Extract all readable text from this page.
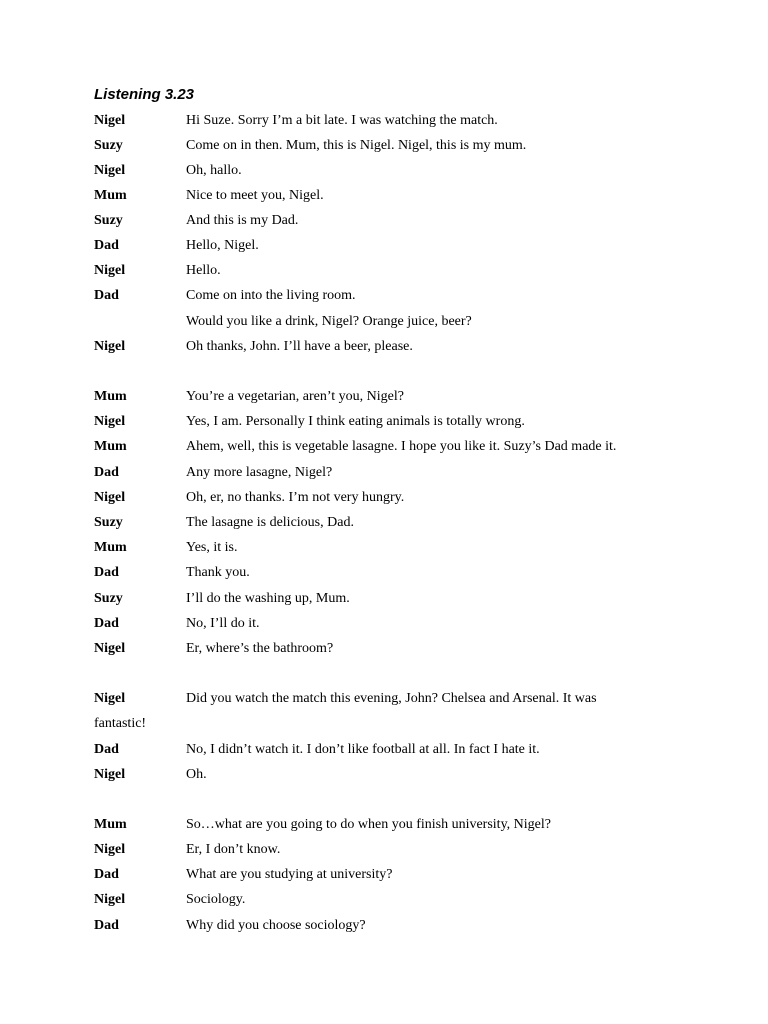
Listening 3.23
Nigel	Hi Suze. Sorry I’m a bit late. I was watching the match.
Suzy	Come on in then. Mum, this is Nigel. Nigel, this is my mum.
Nigel	Oh, hallo.
Mum	Nice to meet you, Nigel.
Suzy	And this is my Dad.
Dad	Hello, Nigel.
Nigel	Hello.
Dad	Come on into the living room.
Would you like a drink, Nigel? Orange juice, beer?
Nigel	Oh thanks, John. I’ll have a beer, please.
Mum	You’re a vegetarian, aren’t you, Nigel?
Nigel	Yes, I am. Personally I think eating animals is totally wrong.
Mum	Ahem, well, this is vegetable lasagne. I hope you like it. Suzy’s Dad made it.
Dad	Any more lasagne, Nigel?
Nigel	Oh, er, no thanks. I’m not very hungry.
Suzy	The lasagne is delicious, Dad.
Mum	Yes, it is.
Dad	Thank you.
Suzy	I’ll do the washing up, Mum.
Dad	No, I’ll do it.
Nigel	Er, where’s the bathroom?
Nigel	Did you watch the match this evening, John? Chelsea and Arsenal. It was
fantastic!
Dad	No, I didn’t watch it. I don’t like football at all. In fact I hate it.
Nigel	Oh.
Mum	So…what are you going to do when you finish university, Nigel?
Nigel	Er, I don’t know.
Dad	What are you studying at university?
Nigel	Sociology.
Dad	Why did you choose sociology?
